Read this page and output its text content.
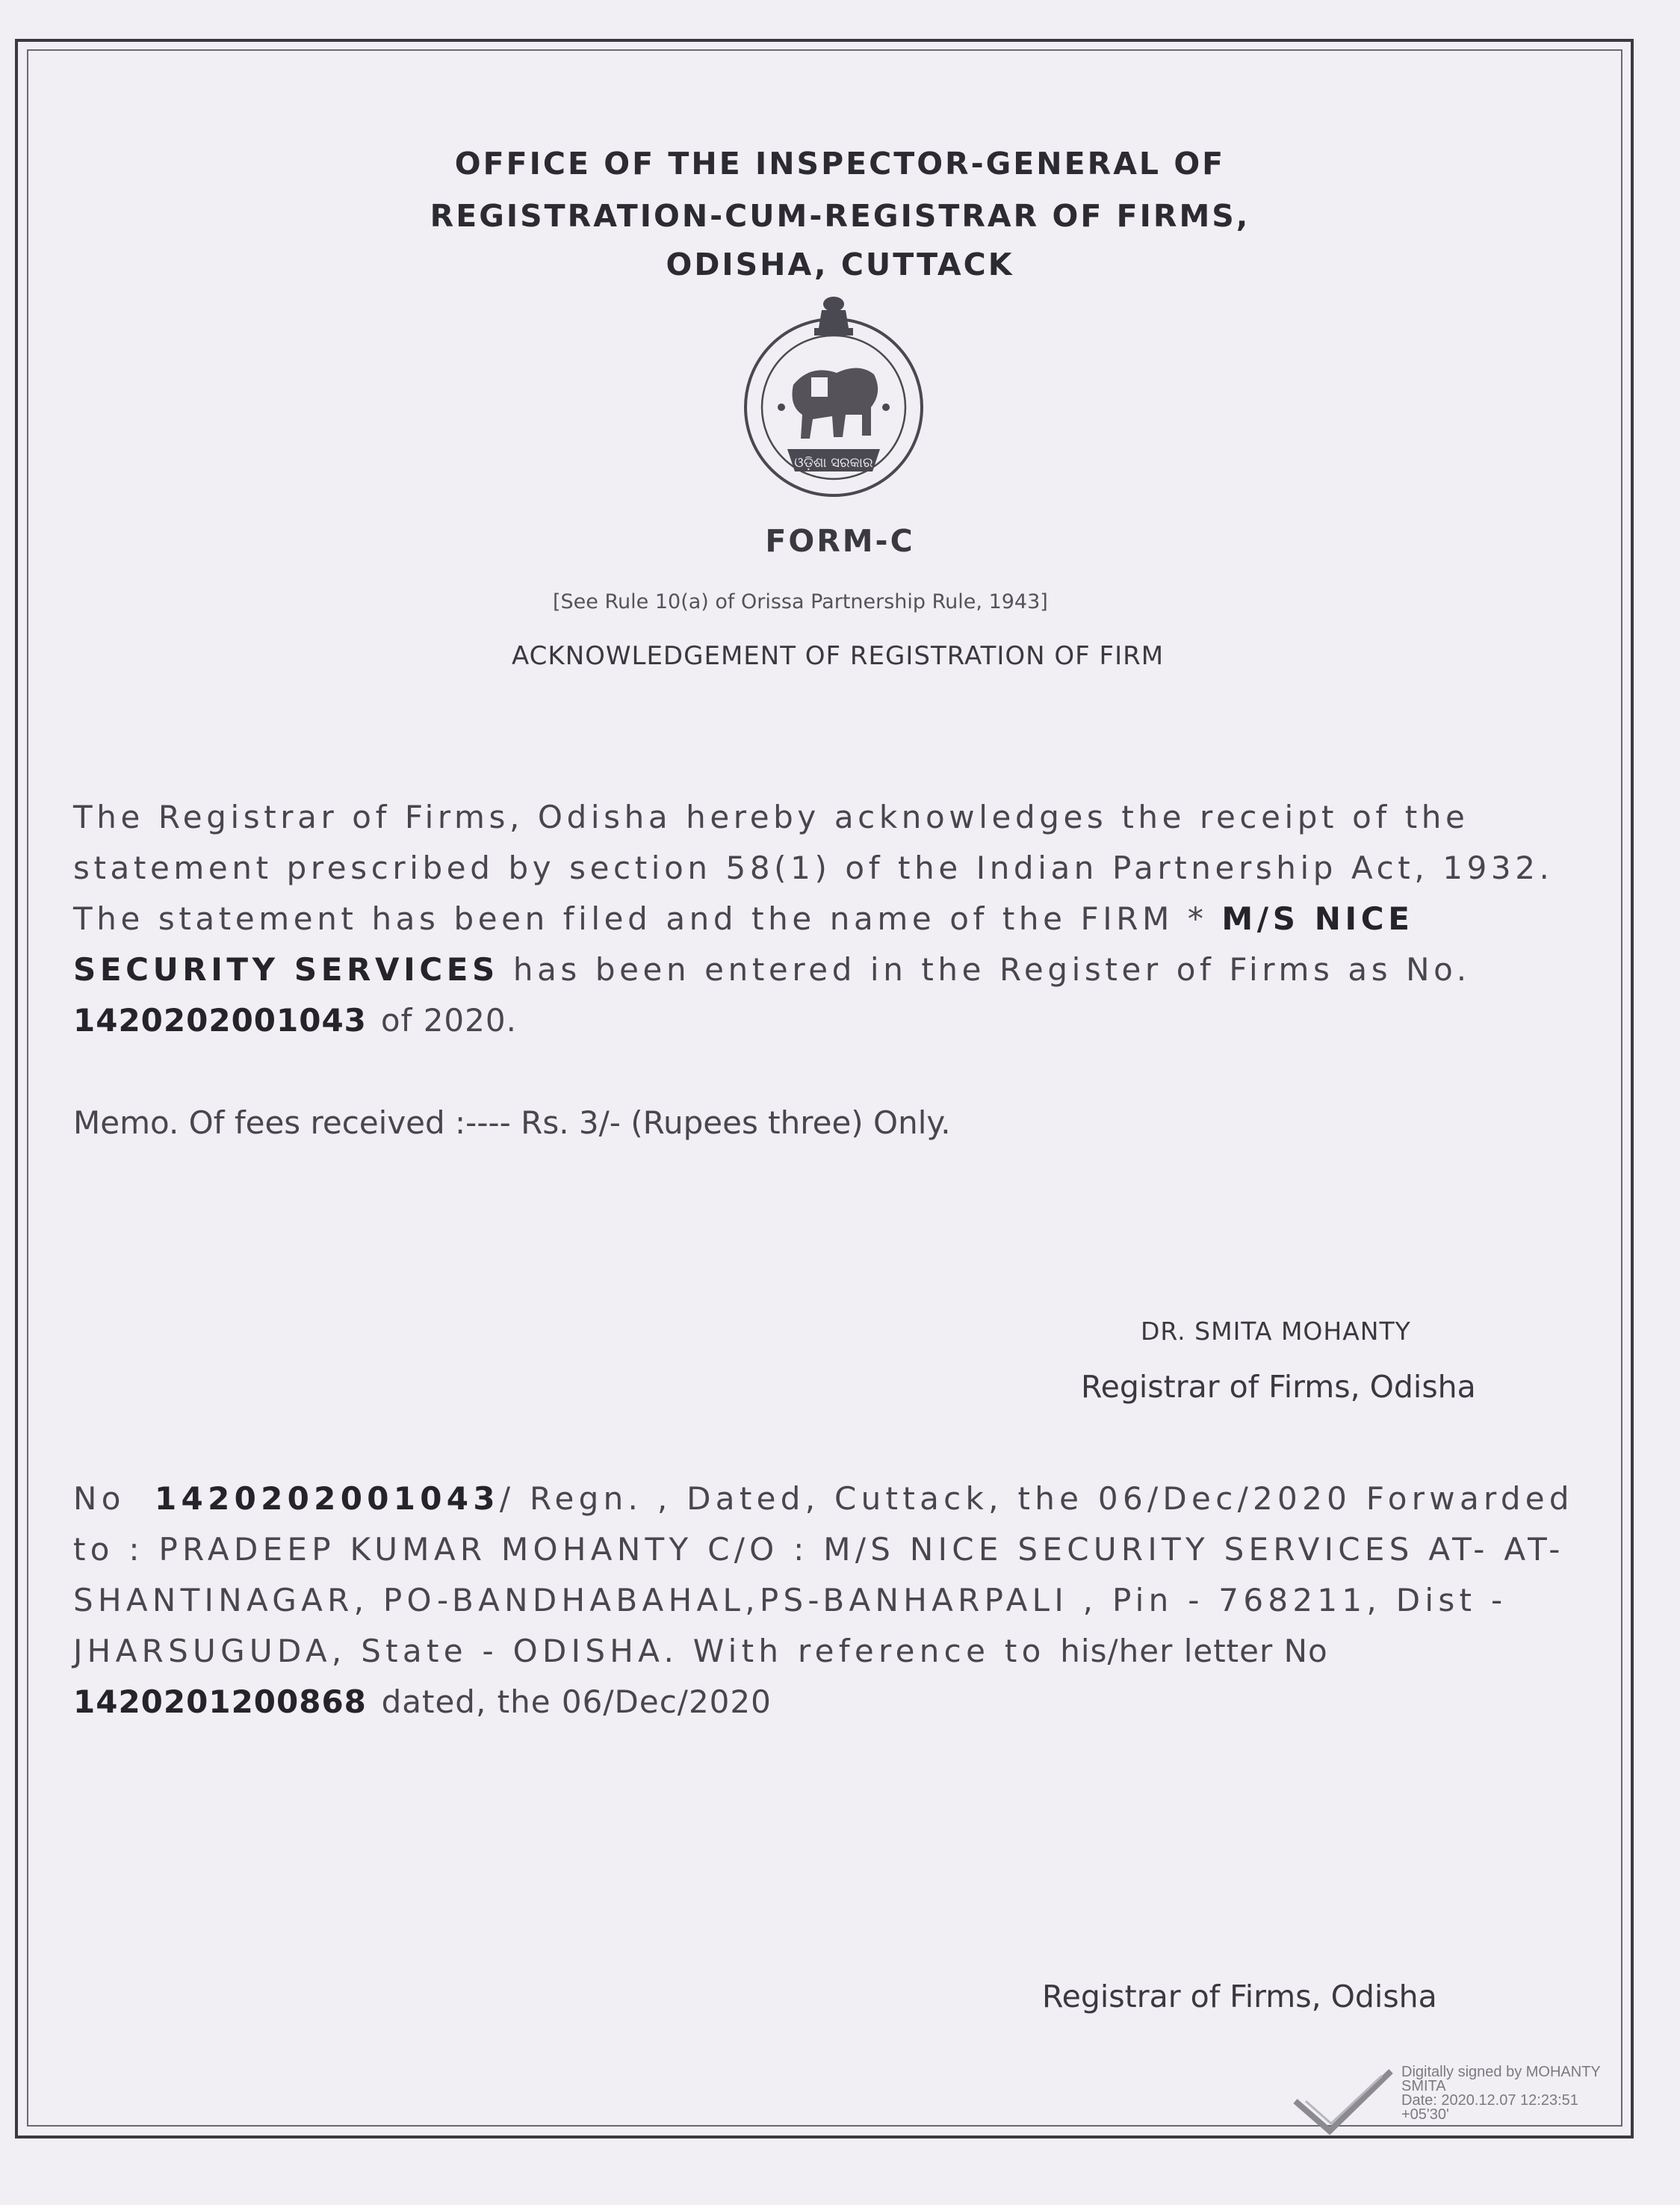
OFFICE OF THE INSPECTOR-GENERAL OF
REGISTRATION-CUM-REGISTRAR OF FIRMS,
ODISHA, CUTTACK
ଓଡ଼ିଶା ସରକାର
FORM-C
[See Rule 10(a) of Orissa Partnership Rule, 1943]
ACKNOWLEDGEMENT OF REGISTRATION OF FIRM
The Registrar of Firms, Odisha hereby acknowledges the receipt of the statement prescribed by section 58(1) of the Indian Partnership Act, 1932. The statement has been filed and the name of the FIRM * M/S NICE SECURITY SERVICES has been entered in the Register of Firms as No. 1420202001043 of 2020.
Memo. Of fees received :---- Rs. 3/- (Rupees three) Only.
DR. SMITA MOHANTY
Registrar of Firms, Odisha
No 1420202001043/ Regn. , Dated, Cuttack, the 06/Dec/2020 Forwarded to : PRADEEP KUMAR MOHANTY C/O : M/S NICE SECURITY SERVICES AT- AT-SHANTINAGAR, PO-BANDHABAHAL,PS-BANHARPALI , Pin - 768211, Dist - JHARSUGUDA, State - ODISHA. With reference to his/her letter No 1420201200868 dated, the 06/Dec/2020
Registrar of Firms, Odisha
Digitally signed by MOHANTY
SMITA
Date: 2020.12.07 12:23:51
+05'30'
